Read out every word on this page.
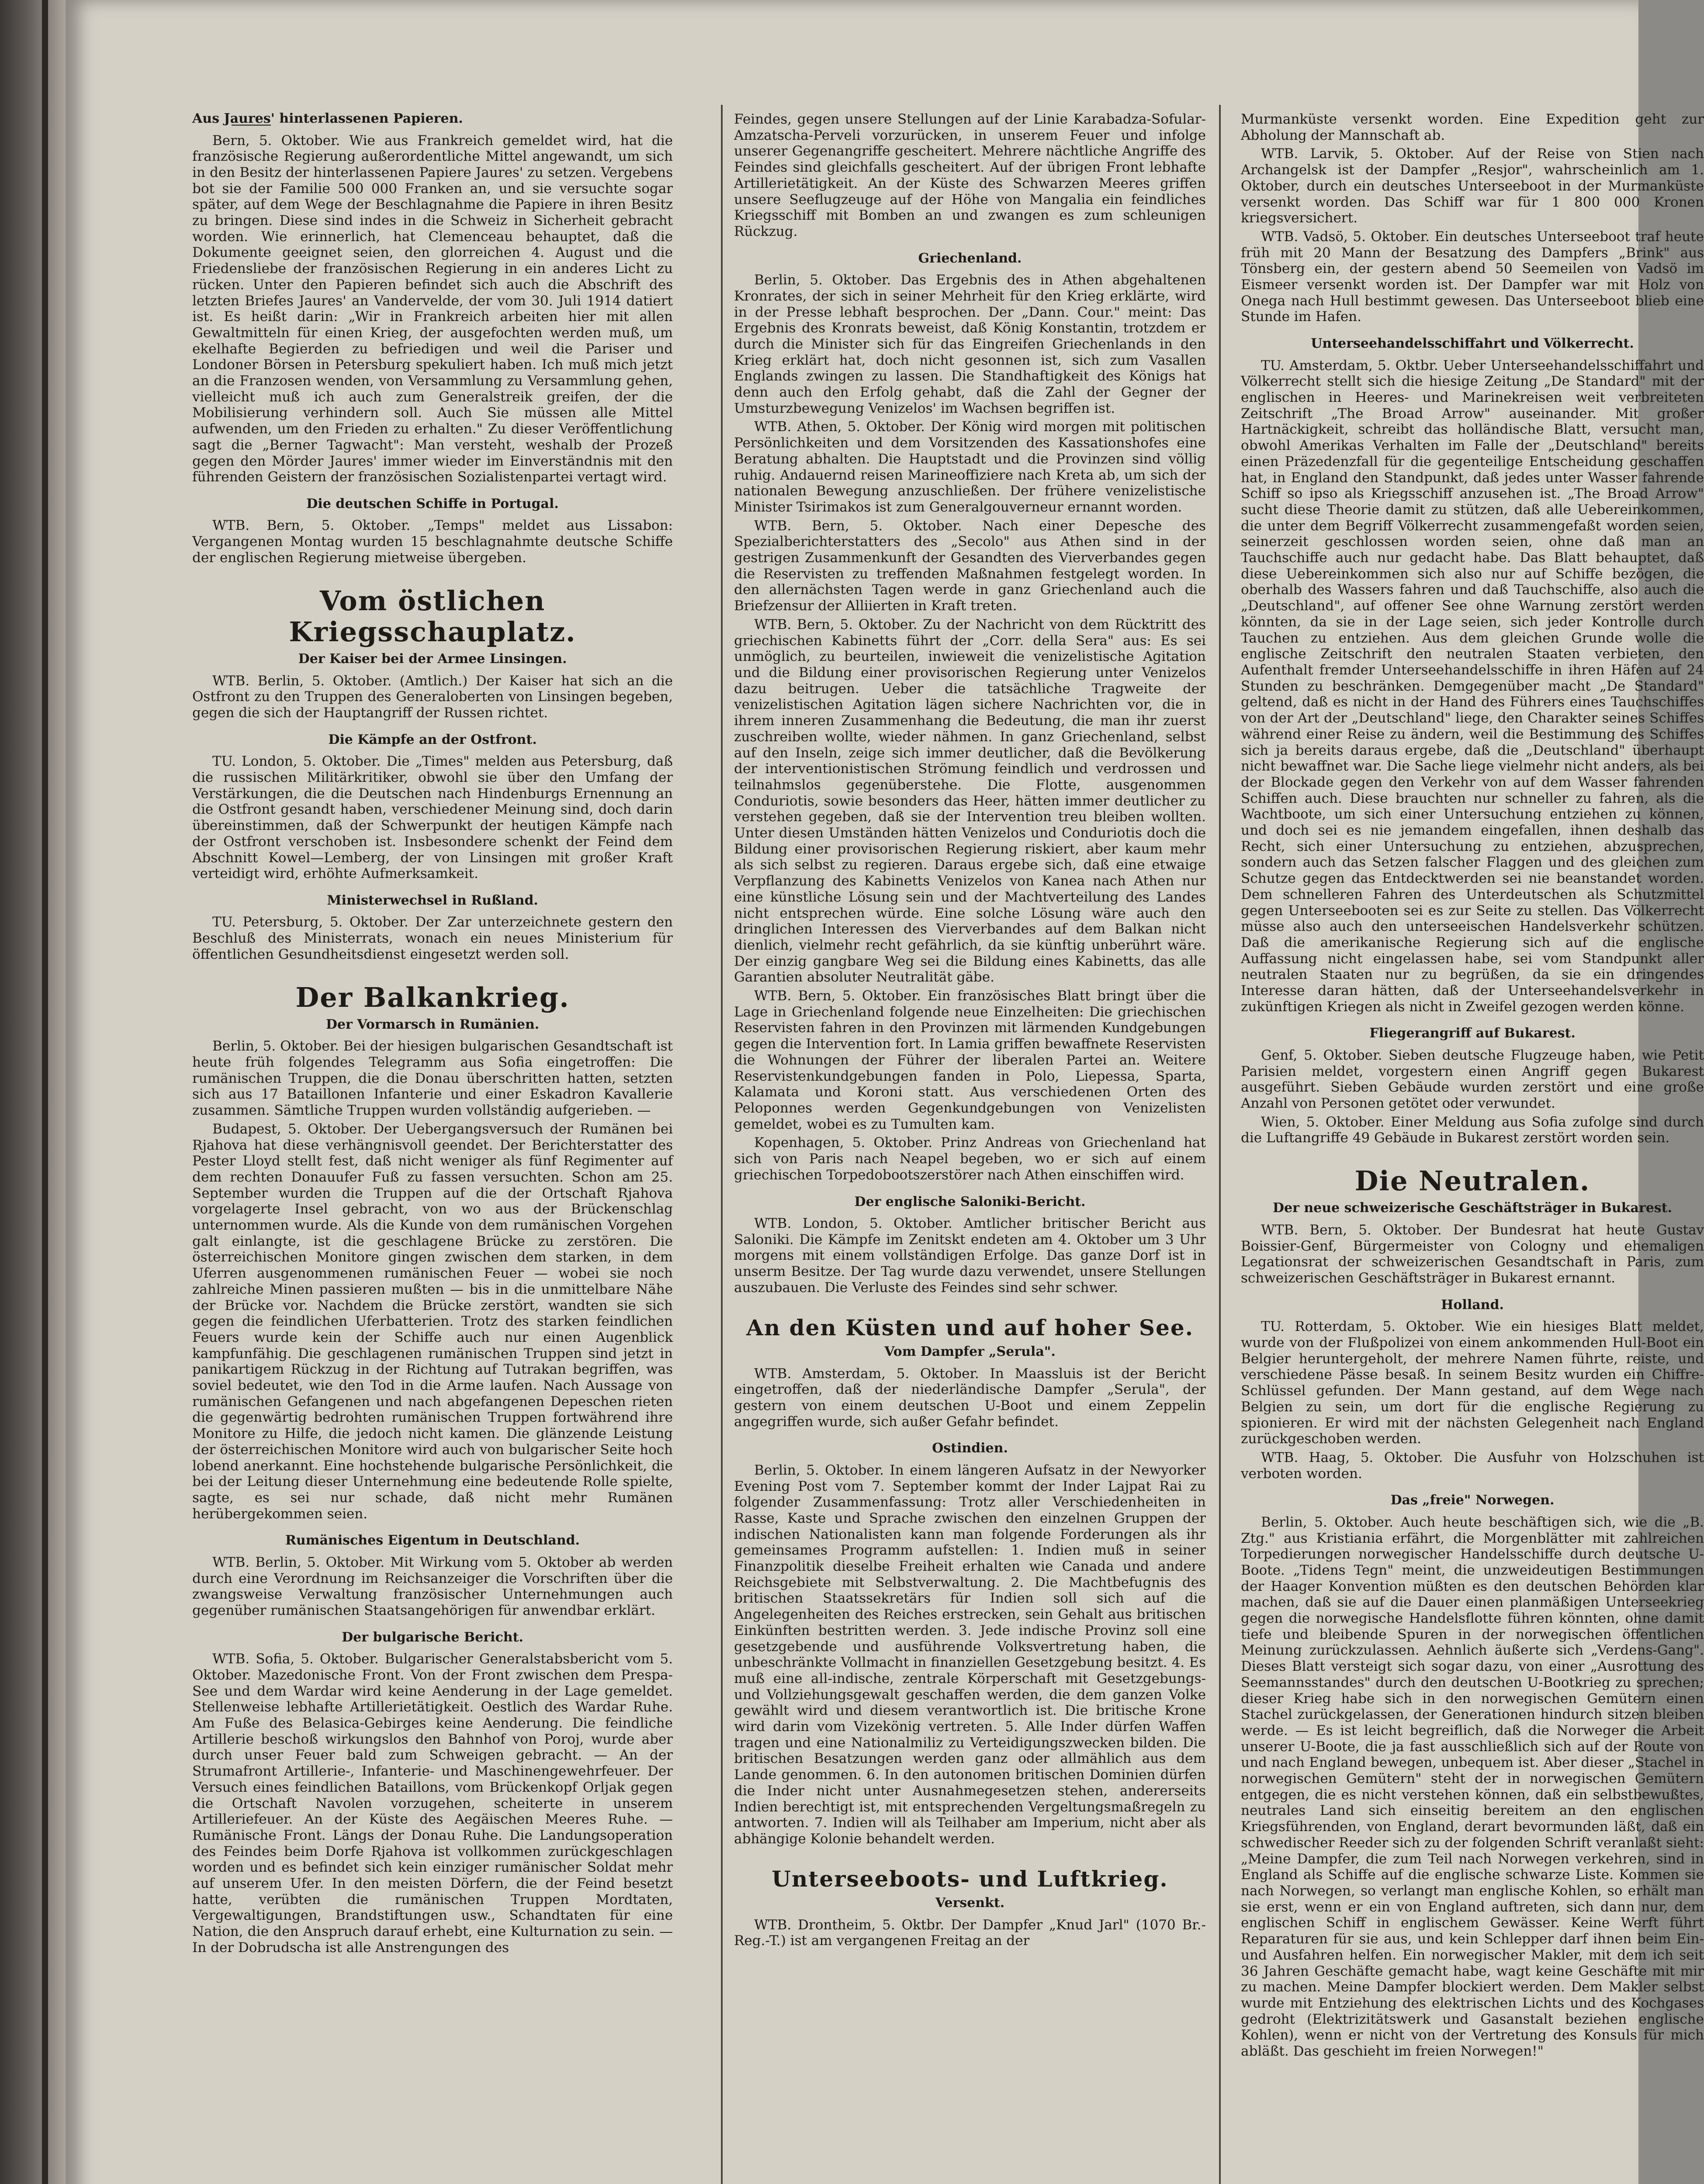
Aus Jaures' hinterlassenen Papieren.

Bern, 5. Oktober. Wie aus Frankreich gemeldet wird, hat die französische Regierung außerordentliche Mittel angewandt, um sich in den Besitz der hinterlassenen Papiere Jaures' zu setzen. Vergebens bot sie der Familie 500 000 Franken an, und sie versuchte sogar später, auf dem Wege der Beschlagnahme die Papiere in ihren Besitz zu bringen. Diese sind indes in die Schweiz in Sicherheit gebracht worden. Wie erinnerlich, hat Clemenceau behauptet, daß die Dokumente geeignet seien, den glorreichen 4. August und die Friedensliebe der französischen Regierung in ein anderes Licht zu rücken. Unter den Papieren befindet sich auch die Abschrift des letzten Briefes Jaures' an Vandervelde, der vom 30. Juli 1914 datiert ist. Es heißt darin: „Wir in Frankreich arbeiten hier mit allen Gewaltmitteln für einen Krieg, der ausgefochten werden muß, um ekelhafte Begierden zu befriedigen und weil die Pariser und Londoner Börsen in Petersburg spekuliert haben. Ich muß mich jetzt an die Franzosen wenden, von Versammlung zu Versammlung gehen, vielleicht muß ich auch zum Generalstreik greifen, der die Mobilisierung verhindern soll. Auch Sie müssen alle Mittel aufwenden, um den Frieden zu erhalten." Zu dieser Veröffentlichung sagt die „Berner Tagwacht": Man versteht, weshalb der Prozeß gegen den Mörder Jaures' immer wieder im Einverständnis mit den führenden Geistern der französischen Sozialistenpartei vertagt wird.

Die deutschen Schiffe in Portugal.

WTB. Bern, 5. Oktober. „Temps" meldet aus Lissabon: Vergangenen Montag wurden 15 beschlagnahmte deutsche Schiffe der englischen Regierung mietweise übergeben.

Vom östlichen Kriegsschauplatz.
Der Kaiser bei der Armee Linsingen.

WTB. Berlin, 5. Oktober. (Amtlich.) Der Kaiser hat sich an die Ostfront zu den Truppen des Generaloberten von Linsingen begeben, gegen die sich der Hauptangriff der Russen richtet.

Die Kämpfe an der Ostfront.

TU. London, 5. Oktober. Die „Times" melden aus Petersburg, daß die russischen Militärkritiker, obwohl sie über den Umfang der Verstärkungen, die die Deutschen nach Hindenburgs Ernennung an die Ostfront gesandt haben, verschiedener Meinung sind, doch darin übereinstimmen, daß der Schwerpunkt der heutigen Kämpfe nach der Ostfront verschoben ist. Insbesondere schenkt der Feind dem Abschnitt Kowel—Lemberg, der von Linsingen mit großer Kraft verteidigt wird, erhöhte Aufmerksamkeit.

Ministerwechsel in Rußland.

TU. Petersburg, 5. Oktober. Der Zar unterzeichnete gestern den Beschluß des Ministerrats, wonach ein neues Ministerium für öffentlichen Gesundheitsdienst eingesetzt werden soll.

Der Balkankrieg.
Der Vormarsch in Rumänien.

Berlin, 5. Oktober. Bei der hiesigen bulgarischen Gesandtschaft ist heute früh folgendes Telegramm aus Sofia eingetroffen: Die rumänischen Truppen, die die Donau überschritten hatten, setzten sich aus 17 Bataillonen Infanterie und einer Eskadron Kavallerie zusammen. Sämtliche Truppen wurden vollständig aufgerieben. —

Budapest, 5. Oktober. Der Uebergangsversuch der Rumänen bei Rjahova hat diese verhängnisvoll geendet. Der Berichterstatter des Pester Lloyd stellt fest, daß nicht weniger als fünf Regimenter auf dem rechten Donauufer Fuß zu fassen versuchten. Schon am 25. September wurden die Truppen auf die der Ortschaft Rjahova vorgelagerte Insel gebracht, von wo aus der Brückenschlag unternommen wurde. Als die Kunde von dem rumänischen Vorgehen galt einlangte, ist die geschlagene Brücke zu zerstören. Die österreichischen Monitore gingen zwischen dem starken, in dem Uferren ausgenommenen rumänischen Feuer — wobei sie noch zahlreiche Minen passieren mußten — bis in die unmittelbare Nähe der Brücke vor. Nachdem die Brücke zerstört, wandten sie sich gegen die feindlichen Uferbatterien. Trotz des starken feindlichen Feuers wurde kein der Schiffe auch nur einen Augenblick kampfunfähig. Die geschlagenen rumänischen Truppen sind jetzt in panikartigem Rückzug in der Richtung auf Tutrakan begriffen, was soviel bedeutet, wie den Tod in die Arme laufen. Nach Aussage von rumänischen Gefangenen und nach abgefangenen Depeschen rieten die gegenwärtig bedrohten rumänischen Truppen fortwährend ihre Monitore zu Hilfe, die jedoch nicht kamen. Die glänzende Leistung der österreichischen Monitore wird auch von bulgarischer Seite hoch lobend anerkannt. Eine hochstehende bulgarische Persönlichkeit, die bei der Leitung dieser Unternehmung eine bedeutende Rolle spielte, sagte, es sei nur schade, daß nicht mehr Rumänen herübergekommen seien.

Rumänisches Eigentum in Deutschland.

WTB. Berlin, 5. Oktober. Mit Wirkung vom 5. Oktober ab werden durch eine Verordnung im Reichsanzeiger die Vorschriften über die zwangsweise Verwaltung französischer Unternehmungen auch gegenüber rumänischen Staatsangehörigen für anwendbar erklärt.

Der bulgarische Bericht.

WTB. Sofia, 5. Oktober. Bulgarischer Generalstabsbericht vom 5. Oktober. Mazedonische Front. Von der Front zwischen dem Prespa-See und dem Wardar wird keine Aenderung in der Lage gemeldet. Stellenweise lebhafte Artillerietätigkeit. Oestlich des Wardar Ruhe. Am Fuße des Belasica-Gebirges keine Aenderung. Die feindliche Artillerie beschoß wirkungslos den Bahnhof von Poroj, wurde aber durch unser Feuer bald zum Schweigen gebracht. — An der Strumafront Artillerie-, Infanterie- und Maschinengewehrfeuer. Der Versuch eines feindlichen Bataillons, vom Brückenkopf Orljak gegen die Ortschaft Navolen vorzugehen, scheiterte in unserem Artilleriefeuer. An der Küste des Aegäischen Meeres Ruhe. — Rumänische Front. Längs der Donau Ruhe. Die Landungsoperation des Feindes beim Dorfe Rjahova ist vollkommen zurückgeschlagen worden und es befindet sich kein einziger rumänischer Soldat mehr auf unserem Ufer. In den meisten Dörfern, die der Feind besetzt hatte, verübten die rumänischen Truppen Mordtaten, Vergewaltigungen, Brandstiftungen usw., Schandtaten für eine Nation, die den Anspruch darauf erhebt, eine Kulturnation zu sein. — In der Dobrudscha ist alle Anstrengungen des

Feindes, gegen unsere Stellungen auf der Linie Karabadza-Sofular-Amzatscha-Perveli vorzurücken, in unserem Feuer und infolge unserer Gegenangriffe gescheitert. Mehrere nächtliche Angriffe des Feindes sind gleichfalls gescheitert. Auf der übrigen Front lebhafte Artillerietätigkeit. An der Küste des Schwarzen Meeres griffen unsere Seeflugzeuge auf der Höhe von Mangalia ein feindliches Kriegsschiff mit Bomben an und zwangen es zum schleunigen Rückzug.

Griechenland.

Berlin, 5. Oktober. Das Ergebnis des in Athen abgehaltenen Kronrates, der sich in seiner Mehrheit für den Krieg erklärte, wird in der Presse lebhaft besprochen. Der „Dann. Cour." meint: Das Ergebnis des Kronrats beweist, daß König Konstantin, trotzdem er durch die Minister sich für das Eingreifen Griechenlands in den Krieg erklärt hat, doch nicht gesonnen ist, sich zum Vasallen Englands zwingen zu lassen. Die Standhaftigkeit des Königs hat denn auch den Erfolg gehabt, daß die Zahl der Gegner der Umsturzbewegung Venizelos' im Wachsen begriffen ist.

WTB. Athen, 5. Oktober. Der König wird morgen mit politischen Persönlichkeiten und dem Vorsitzenden des Kassationshofes eine Beratung abhalten. Die Hauptstadt und die Provinzen sind völlig ruhig. Andauernd reisen Marineoffiziere nach Kreta ab, um sich der nationalen Bewegung anzuschließen. Der frühere venizelistische Minister Tsirimakos ist zum Generalgouverneur ernannt worden.

WTB. Bern, 5. Oktober. Nach einer Depesche des Spezialberichterstatters des „Secolo" aus Athen sind in der gestrigen Zusammenkunft der Gesandten des Vierverbandes gegen die Reservisten zu treffenden Maßnahmen festgelegt worden. In den allernächsten Tagen werde in ganz Griechenland auch die Briefzensur der Alliierten in Kraft treten.

WTB. Bern, 5. Oktober. Zu der Nachricht von dem Rücktritt des griechischen Kabinetts führt der „Corr. della Sera" aus: Es sei unmöglich, zu beurteilen, inwieweit die venizelistische Agitation und die Bildung einer provisorischen Regierung unter Venizelos dazu beitrugen. Ueber die tatsächliche Tragweite der venizelistischen Agitation lägen sichere Nachrichten vor, die in ihrem inneren Zusammenhang die Bedeutung, die man ihr zuerst zuschreiben wollte, wieder nähmen. In ganz Griechenland, selbst auf den Inseln, zeige sich immer deutlicher, daß die Bevölkerung der interventionistischen Strömung feindlich und verdrossen und teilnahmslos gegenüberstehe. Die Flotte, ausgenommen Conduriotis, sowie besonders das Heer, hätten immer deutlicher zu verstehen gegeben, daß sie der Intervention treu bleiben wollten. Unter diesen Umständen hätten Venizelos und Conduriotis doch die Bildung einer provisorischen Regierung riskiert, aber kaum mehr als sich selbst zu regieren. Daraus ergebe sich, daß eine etwaige Verpflanzung des Kabinetts Venizelos von Kanea nach Athen nur eine künstliche Lösung sein und der Machtverteilung des Landes nicht entsprechen würde. Eine solche Lösung wäre auch den dringlichen Interessen des Vierverbandes auf dem Balkan nicht dienlich, vielmehr recht gefährlich, da sie künftig unberührt wäre. Der einzig gangbare Weg sei die Bildung eines Kabinetts, das alle Garantien absoluter Neutralität gäbe.

WTB. Bern, 5. Oktober. Ein französisches Blatt bringt über die Lage in Griechenland folgende neue Einzelheiten: Die griechischen Reservisten fahren in den Provinzen mit lärmenden Kundgebungen gegen die Intervention fort. In Lamia griffen bewaffnete Reservisten die Wohnungen der Führer der liberalen Partei an. Weitere Reservistenkundgebungen fanden in Polo, Liepessa, Sparta, Kalamata und Koroni statt. Aus verschiedenen Orten des Peloponnes werden Gegenkundgebungen von Venizelisten gemeldet, wobei es zu Tumulten kam.

Kopenhagen, 5. Oktober. Prinz Andreas von Griechenland hat sich von Paris nach Neapel begeben, wo er sich auf einem griechischen Torpedobootszerstörer nach Athen einschiffen wird.

Der englische Saloniki-Bericht.

WTB. London, 5. Oktober. Amtlicher britischer Bericht aus Saloniki. Die Kämpfe im Zenitskt endeten am 4. Oktober um 3 Uhr morgens mit einem vollständigen Erfolge. Das ganze Dorf ist in unserm Besitze. Der Tag wurde dazu verwendet, unsere Stellungen auszubauen. Die Verluste des Feindes sind sehr schwer.

An den Küsten und auf hoher See.
Vom Dampfer „Serula".

WTB. Amsterdam, 5. Oktober. In Maassluis ist der Bericht eingetroffen, daß der niederländische Dampfer „Serula", der gestern von einem deutschen U-Boot und einem Zeppelin angegriffen wurde, sich außer Gefahr befindet.

Ostindien.

Berlin, 5. Oktober. In einem längeren Aufsatz in der Newyorker Evening Post vom 7. September kommt der Inder Lajpat Rai zu folgender Zusammenfassung: Trotz aller Verschiedenheiten in Rasse, Kaste und Sprache zwischen den einzelnen Gruppen der indischen Nationalisten kann man folgende Forderungen als ihr gemeinsames Programm aufstellen: 1. Indien muß in seiner Finanzpolitik dieselbe Freiheit erhalten wie Canada und andere Reichsgebiete mit Selbstverwaltung. 2. Die Machtbefugnis des britischen Staatssekretärs für Indien soll sich auf die Angelegenheiten des Reiches erstrecken, sein Gehalt aus britischen Einkünften bestritten werden. 3. Jede indische Provinz soll eine gesetzgebende und ausführende Volksvertretung haben, die unbeschränkte Vollmacht in finanziellen Gesetzgebung besitzt. 4. Es muß eine all-indische, zentrale Körperschaft mit Gesetzgebungs- und Vollziehungsgewalt geschaffen werden, die dem ganzen Volke gewählt wird und diesem verantwortlich ist. Die britische Krone wird darin vom Vizekönig vertreten. 5. Alle Inder dürfen Waffen tragen und eine Nationalmiliz zu Verteidigungszwecken bilden. Die britischen Besatzungen werden ganz oder allmählich aus dem Lande genommen. 6. In den autonomen britischen Dominien dürfen die Inder nicht unter Ausnahmegesetzen stehen, andererseits Indien berechtigt ist, mit entsprechenden Vergeltungsmaßregeln zu antworten. 7. Indien will als Teilhaber am Imperium, nicht aber als abhängige Kolonie behandelt werden.

Unterseeboots- und Luftkrieg.
Versenkt.

WTB. Drontheim, 5. Oktbr. Der Dampfer „Knud Jarl" (1070 Br.-Reg.-T.) ist am vergangenen Freitag an der

Murmanküste versenkt worden. Eine Expedition geht zur Abholung der Mannschaft ab.

WTB. Larvik, 5. Oktober. Auf der Reise von Stien nach Archangelsk ist der Dampfer „Resjor", wahrscheinlich am 1. Oktober, durch ein deutsches Unterseeboot in der Murmanküste versenkt worden. Das Schiff war für 1 800 000 Kronen kriegsversichert.

WTB. Vadsö, 5. Oktober. Ein deutsches Unterseeboot traf heute früh mit 20 Mann der Besatzung des Dampfers „Brink" aus Tönsberg ein, der gestern abend 50 Seemeilen von Vadsö im Eismeer versenkt worden ist. Der Dampfer war mit Holz von Onega nach Hull bestimmt gewesen. Das Unterseeboot blieb eine Stunde im Hafen.

Unterseehandelsschiffahrt und Völkerrecht.

TU. Amsterdam, 5. Oktbr. Ueber Unterseehandelsschiffahrt und Völkerrecht stellt sich die hiesige Zeitung „De Standard" mit der englischen in Heeres- und Marinekreisen weit verbreiteten Zeitschrift „The Broad Arrow" auseinander. Mit großer Hartnäckigkeit, schreibt das holländische Blatt, versucht man, obwohl Amerikas Verhalten im Falle der „Deutschland" bereits einen Präzedenzfall für die gegenteilige Entscheidung geschaffen hat, in England den Standpunkt, daß jedes unter Wasser fahrende Schiff so ipso als Kriegsschiff anzusehen ist. „The Broad Arrow" sucht diese Theorie damit zu stützen, daß alle Uebereinkommen, die unter dem Begriff Völkerrecht zusammengefaßt worden seien, seinerzeit geschlossen worden seien, ohne daß man an Tauchschiffe auch nur gedacht habe. Das Blatt behauptet, daß diese Uebereinkommen sich also nur auf Schiffe bezögen, die oberhalb des Wassers fahren und daß Tauchschiffe, also auch die „Deutschland", auf offener See ohne Warnung zerstört werden könnten, da sie in der Lage seien, sich jeder Kontrolle durch Tauchen zu entziehen. Aus dem gleichen Grunde wolle die englische Zeitschrift den neutralen Staaten verbieten, den Aufenthalt fremder Unterseehandelsschiffe in ihren Häfen auf 24 Stunden zu beschränken. Demgegenüber macht „De Standard" geltend, daß es nicht in der Hand des Führers eines Tauchschiffes von der Art der „Deutschland" liege, den Charakter seines Schiffes während einer Reise zu ändern, weil die Bestimmung des Schiffes sich ja bereits daraus ergebe, daß die „Deutschland" überhaupt nicht bewaffnet war. Die Sache liege vielmehr nicht anders, als bei der Blockade gegen den Verkehr von auf dem Wasser fahrenden Schiffen auch. Diese brauchten nur schneller zu fahren, als die Wachtboote, um sich einer Untersuchung entziehen zu können, und doch sei es nie jemandem eingefallen, ihnen deshalb das Recht, sich einer Untersuchung zu entziehen, abzusprechen, sondern auch das Setzen falscher Flaggen und des gleichen zum Schutze gegen das Entdecktwerden sei nie beanstandet worden. Dem schnelleren Fahren des Unterdeutschen als Schutzmittel gegen Unterseebooten sei es zur Seite zu stellen. Das Völkerrecht müsse also auch den unterseeischen Handelsverkehr schützen. Daß die amerikanische Regierung sich auf die englische Auffassung nicht eingelassen habe, sei vom Standpunkt aller neutralen Staaten nur zu begrüßen, da sie ein dringendes Interesse daran hätten, daß der Unterseehandelsverkehr in zukünftigen Kriegen als nicht in Zweifel gezogen werden könne.

Fliegerangriff auf Bukarest.

Genf, 5. Oktober. Sieben deutsche Flugzeuge haben, wie Petit Parisien meldet, vorgestern einen Angriff gegen Bukarest ausgeführt. Sieben Gebäude wurden zerstört und eine große Anzahl von Personen getötet oder verwundet.

Wien, 5. Oktober. Einer Meldung aus Sofia zufolge sind durch die Luftangriffe 49 Gebäude in Bukarest zerstört worden sein.

Die Neutralen.
Der neue schweizerische Geschäftsträger in Bukarest.

WTB. Bern, 5. Oktober. Der Bundesrat hat heute Gustav Boissier-Genf, Bürgermeister von Cologny und ehemaligen Legationsrat der schweizerischen Gesandtschaft in Paris, zum schweizerischen Geschäftsträger in Bukarest ernannt.

Holland.

TU. Rotterdam, 5. Oktober. Wie ein hiesiges Blatt meldet, wurde von der Flußpolizei von einem ankommenden Hull-Boot ein Belgier heruntergeholt, der mehrere Namen führte, reiste, und verschiedene Pässe besaß. In seinem Besitz wurden ein Chiffre-Schlüssel gefunden. Der Mann gestand, auf dem Wege nach Belgien zu sein, um dort für die englische Regierung zu spionieren. Er wird mit der nächsten Gelegenheit nach England zurückgeschoben werden.

WTB. Haag, 5. Oktober. Die Ausfuhr von Holzschuhen ist verboten worden.

Das „freie" Norwegen.

Berlin, 5. Oktober. Auch heute beschäftigen sich, wie die „B. Ztg." aus Kristiania erfährt, die Morgenblätter mit zahlreichen Torpedierungen norwegischer Handelsschiffe durch deutsche U-Boote. „Tidens Tegn" meint, die unzweideutigen Bestimmungen der Haager Konvention müßten es den deutschen Behörden klar machen, daß sie auf die Dauer einen planmäßigen Unterseekrieg gegen die norwegische Handelsflotte führen könnten, ohne damit tiefe und bleibende Spuren in der norwegischen öffentlichen Meinung zurückzulassen. Aehnlich äußerte sich „Verdens-Gang". Dieses Blatt versteigt sich sogar dazu, von einer „Ausrottung des Seemannsstandes" durch den deutschen U-Bootkrieg zu sprechen; dieser Krieg habe sich in den norwegischen Gemütern einen Stachel zurückgelassen, der Generationen hindurch sitzen bleiben werde. — Es ist leicht begreiflich, daß die Norweger die Arbeit unserer U-Boote, die ja fast ausschließlich sich auf der Route von und nach England bewegen, unbequem ist. Aber dieser „Stachel in norwegischen Gemütern" steht der in norwegischen Gemütern entgegen, die es nicht verstehen können, daß ein selbstbewußtes, neutrales Land sich einseitig bereitem an den englischen Kriegsführenden, von England, derart bevormunden läßt, daß ein schwedischer Reeder sich zu der folgenden Schrift veranlaßt sieht: „Meine Dampfer, die zum Teil nach Norwegen verkehren, sind in England als Schiffe auf die englische schwarze Liste. Kommen sie nach Norwegen, so verlangt man englische Kohlen, so erhält man sie erst, wenn er ein von England auftreten, sich dann nur, dem englischen Schiff in englischem Gewässer. Keine Werft führt Reparaturen für sie aus, und kein Schlepper darf ihnen beim Ein- und Ausfahren helfen. Ein norwegischer Makler, mit dem ich seit 36 Jahren Geschäfte gemacht habe, wagt keine Geschäfte mit mir zu machen. Meine Dampfer blockiert werden. Dem Makler selbst wurde mit Entziehung des elektrischen Lichts und des Kochgases gedroht (Elektrizitätswerk und Gasanstalt beziehen englische Kohlen), wenn er nicht von der Vertretung des Konsuls für mich abläßt. Das geschieht im freien Norwegen!"
